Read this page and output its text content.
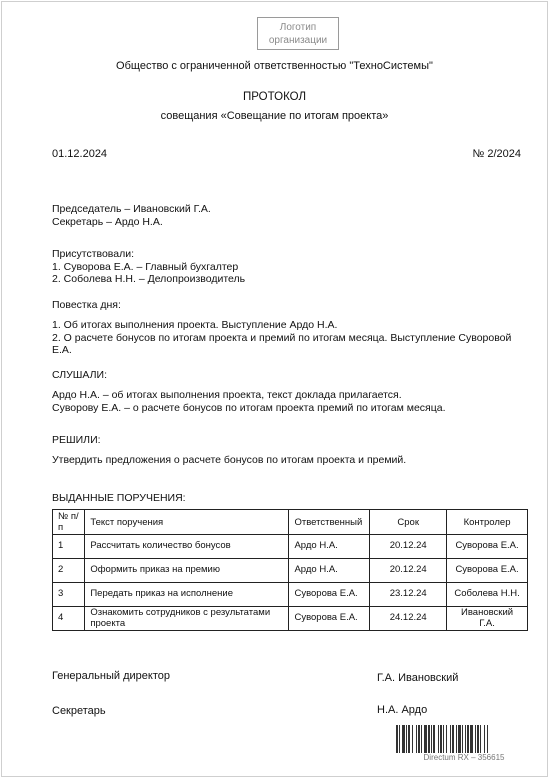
Логотип
организации
Общество с ограниченной ответственностью "ТехноСистемы"
ПРОТОКОЛ
совещания «Совещание по итогам проекта»
01.12.2024	№ 2/2024

Председатель – Ивановский Г.А.

Секретарь – Ардо Н.А.

Присутствовали:

1. Суворова Е.А. – Главный бухгалтер

2. Соболева Н.Н. – Делопроизводитель

Повестка дня:

1. Об итогах выполнения проекта. Выступление Ардо Н.А.

2. О расчете бонусов по итогам проекта и премий по итогам месяца. Выступление Суворовой Е.А.

СЛУШАЛИ:

Ардо Н.А. – об итогах выполнения проекта, текст доклада прилагается.

Суворову Е.А. – о расчете бонусов по итогам проекта премий по итогам месяца.

РЕШИЛИ:
Утвердить предложения о расчете бонусов по итогам проекта и премий.
ВЫДАННЫЕ ПОРУЧЕНИЯ:
№ п/п	Текст поручения	Ответственный	Срок	Контролер
1	Рассчитать количество бонусов	Ардо Н.А.	20.12.24	Суворова Е.А.
2	Оформить приказ на премию	Ардо Н.А.	20.12.24	Суворова Е.А.
3	Передать приказ на исполнение	Суворова Е.А.	23.12.24	Соболева Н.Н.
4	Ознакомить сотрудников с результатами проекта	Суворова Е.А.	24.12.24	Ивановский Г.А.
Генеральный директор	Г.А. Ивановский
Секретарь	Н.А. Ардо
Directum RX – 356615
